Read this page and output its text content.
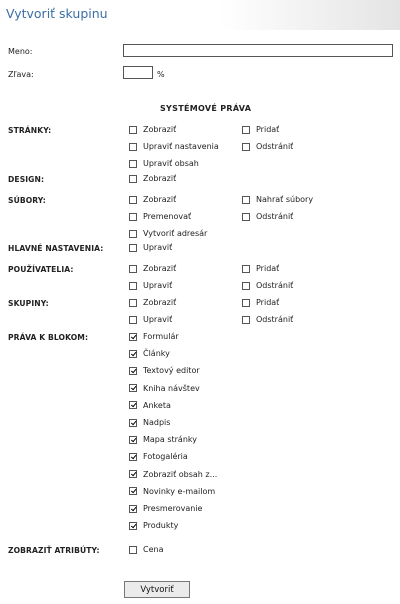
Vytvoriť skupinu
Meno:
Zľava:	%
SYSTÉMOVÉ PRÁVA
STRÁNKY:	Zobraziť	Pridať
Upraviť nastavenia	Odstrániť
Upraviť obsah
DESIGN:	Zobraziť
SÚBORY:	Zobraziť	Nahrať súbory
Premenovať	Odstrániť
Vytvoriť adresár
HLAVNÉ NASTAVENIA:	Upraviť
POUŽÍVATELIA:	Zobraziť	Pridať
Upraviť	Odstrániť
SKUPINY:	Zobraziť	Pridať
Upraviť	Odstrániť
PRÁVA K BLOKOM:	Formulár
Články
Textový editor
Kniha návštev
Anketa
Nadpis
Mapa stránky
Fotogaléria
Zobraziť obsah z...
Novinky e-mailom
Presmerovanie
Produkty
ZOBRAZIŤ ATRIBÚTY:	Cena
Vytvoriť
